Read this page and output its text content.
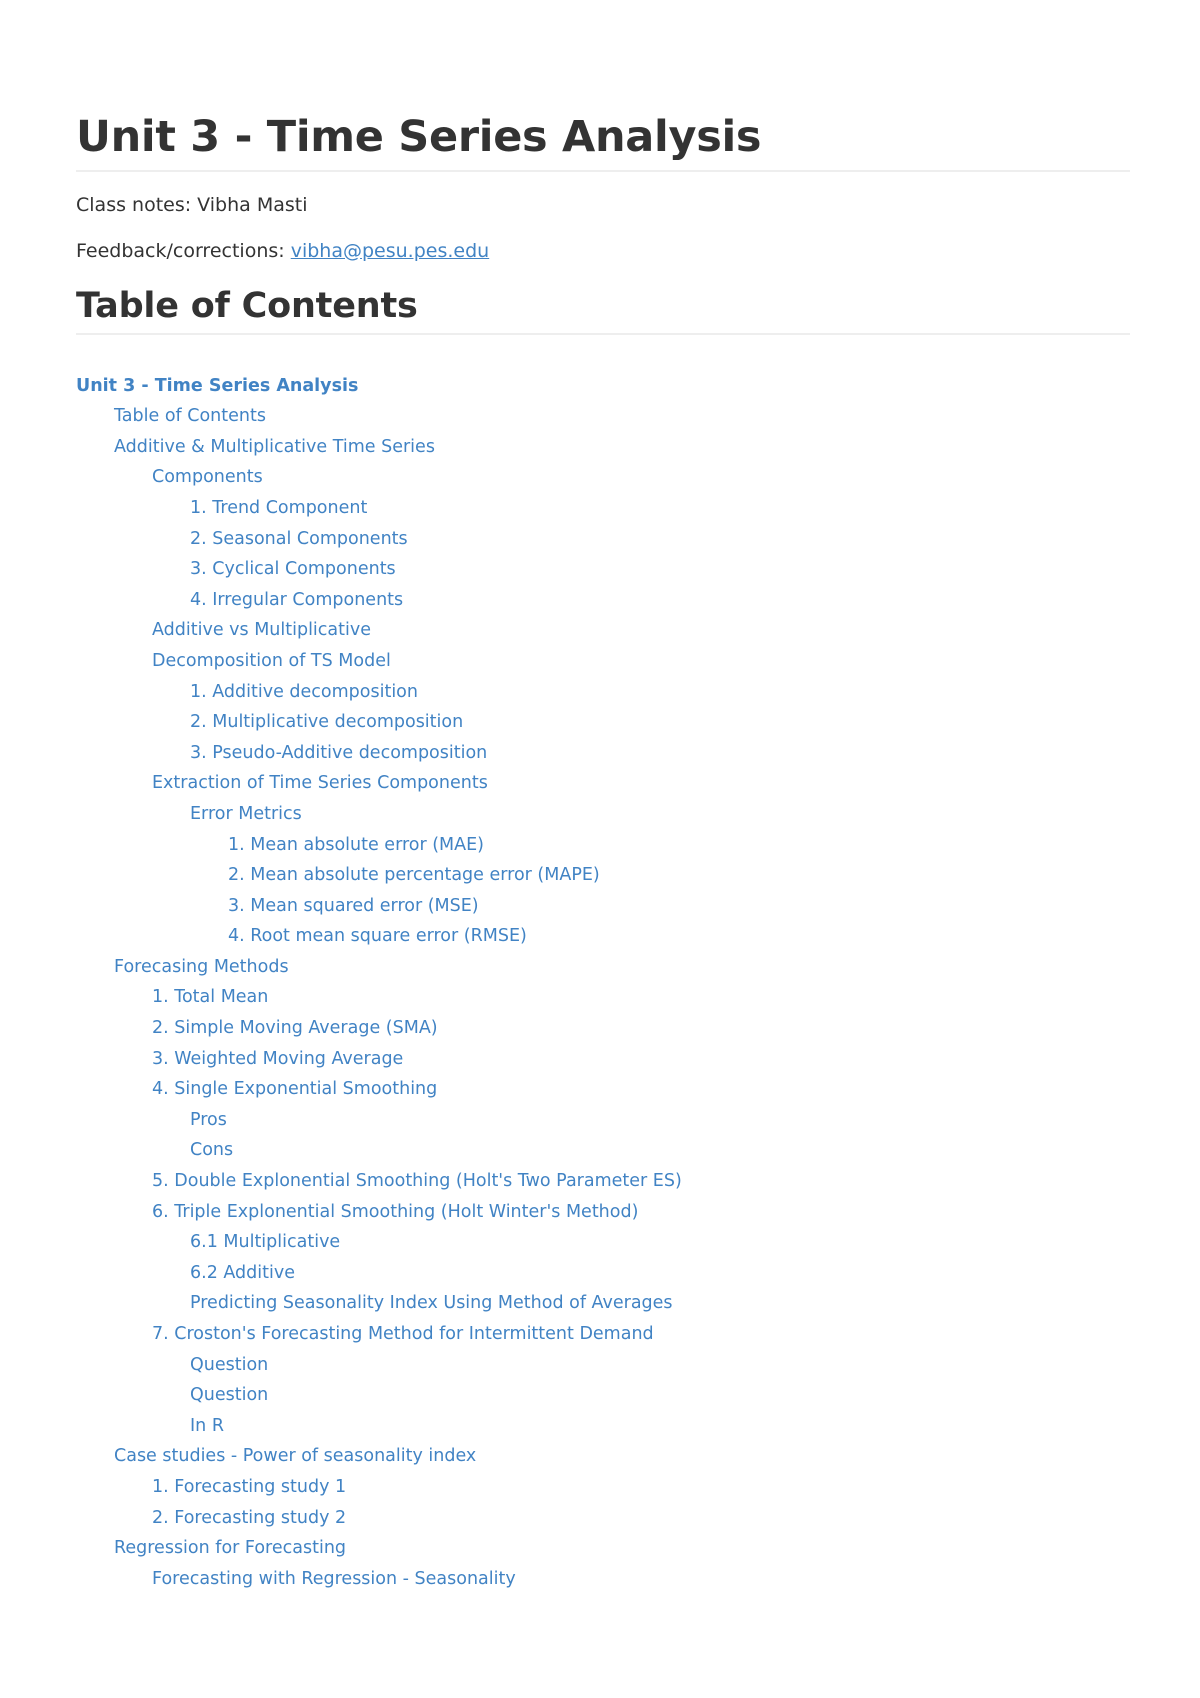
Unit 3 - Time Series Analysis

Class notes: Vibha Masti

Feedback/corrections: vibha@pesu.pes.edu

Table of Contents
Unit 3 - Time Series Analysis
Table of Contents
Additive & Multiplicative Time Series
Components
1. Trend Component
2. Seasonal Components
3. Cyclical Components
4. Irregular Components
Additive vs Multiplicative
Decomposition of TS Model
1. Additive decomposition
2. Multiplicative decomposition
3. Pseudo-Additive decomposition
Extraction of Time Series Components
Error Metrics
1. Mean absolute error (MAE)
2. Mean absolute percentage error (MAPE)
3. Mean squared error (MSE)
4. Root mean square error (RMSE)
Forecasing Methods
1. Total Mean
2. Simple Moving Average (SMA)
3. Weighted Moving Average
4. Single Exponential Smoothing
Pros
Cons
5. Double Explonential Smoothing (Holt's Two Parameter ES)
6. Triple Explonential Smoothing (Holt Winter's Method)
6.1 Multiplicative
6.2 Additive
Predicting Seasonality Index Using Method of Averages
7. Croston's Forecasting Method for Intermittent Demand
Question
Question
In R
Case studies - Power of seasonality index
1. Forecasting study 1
2. Forecasting study 2
Regression for Forecasting
Forecasting with Regression - Seasonality
